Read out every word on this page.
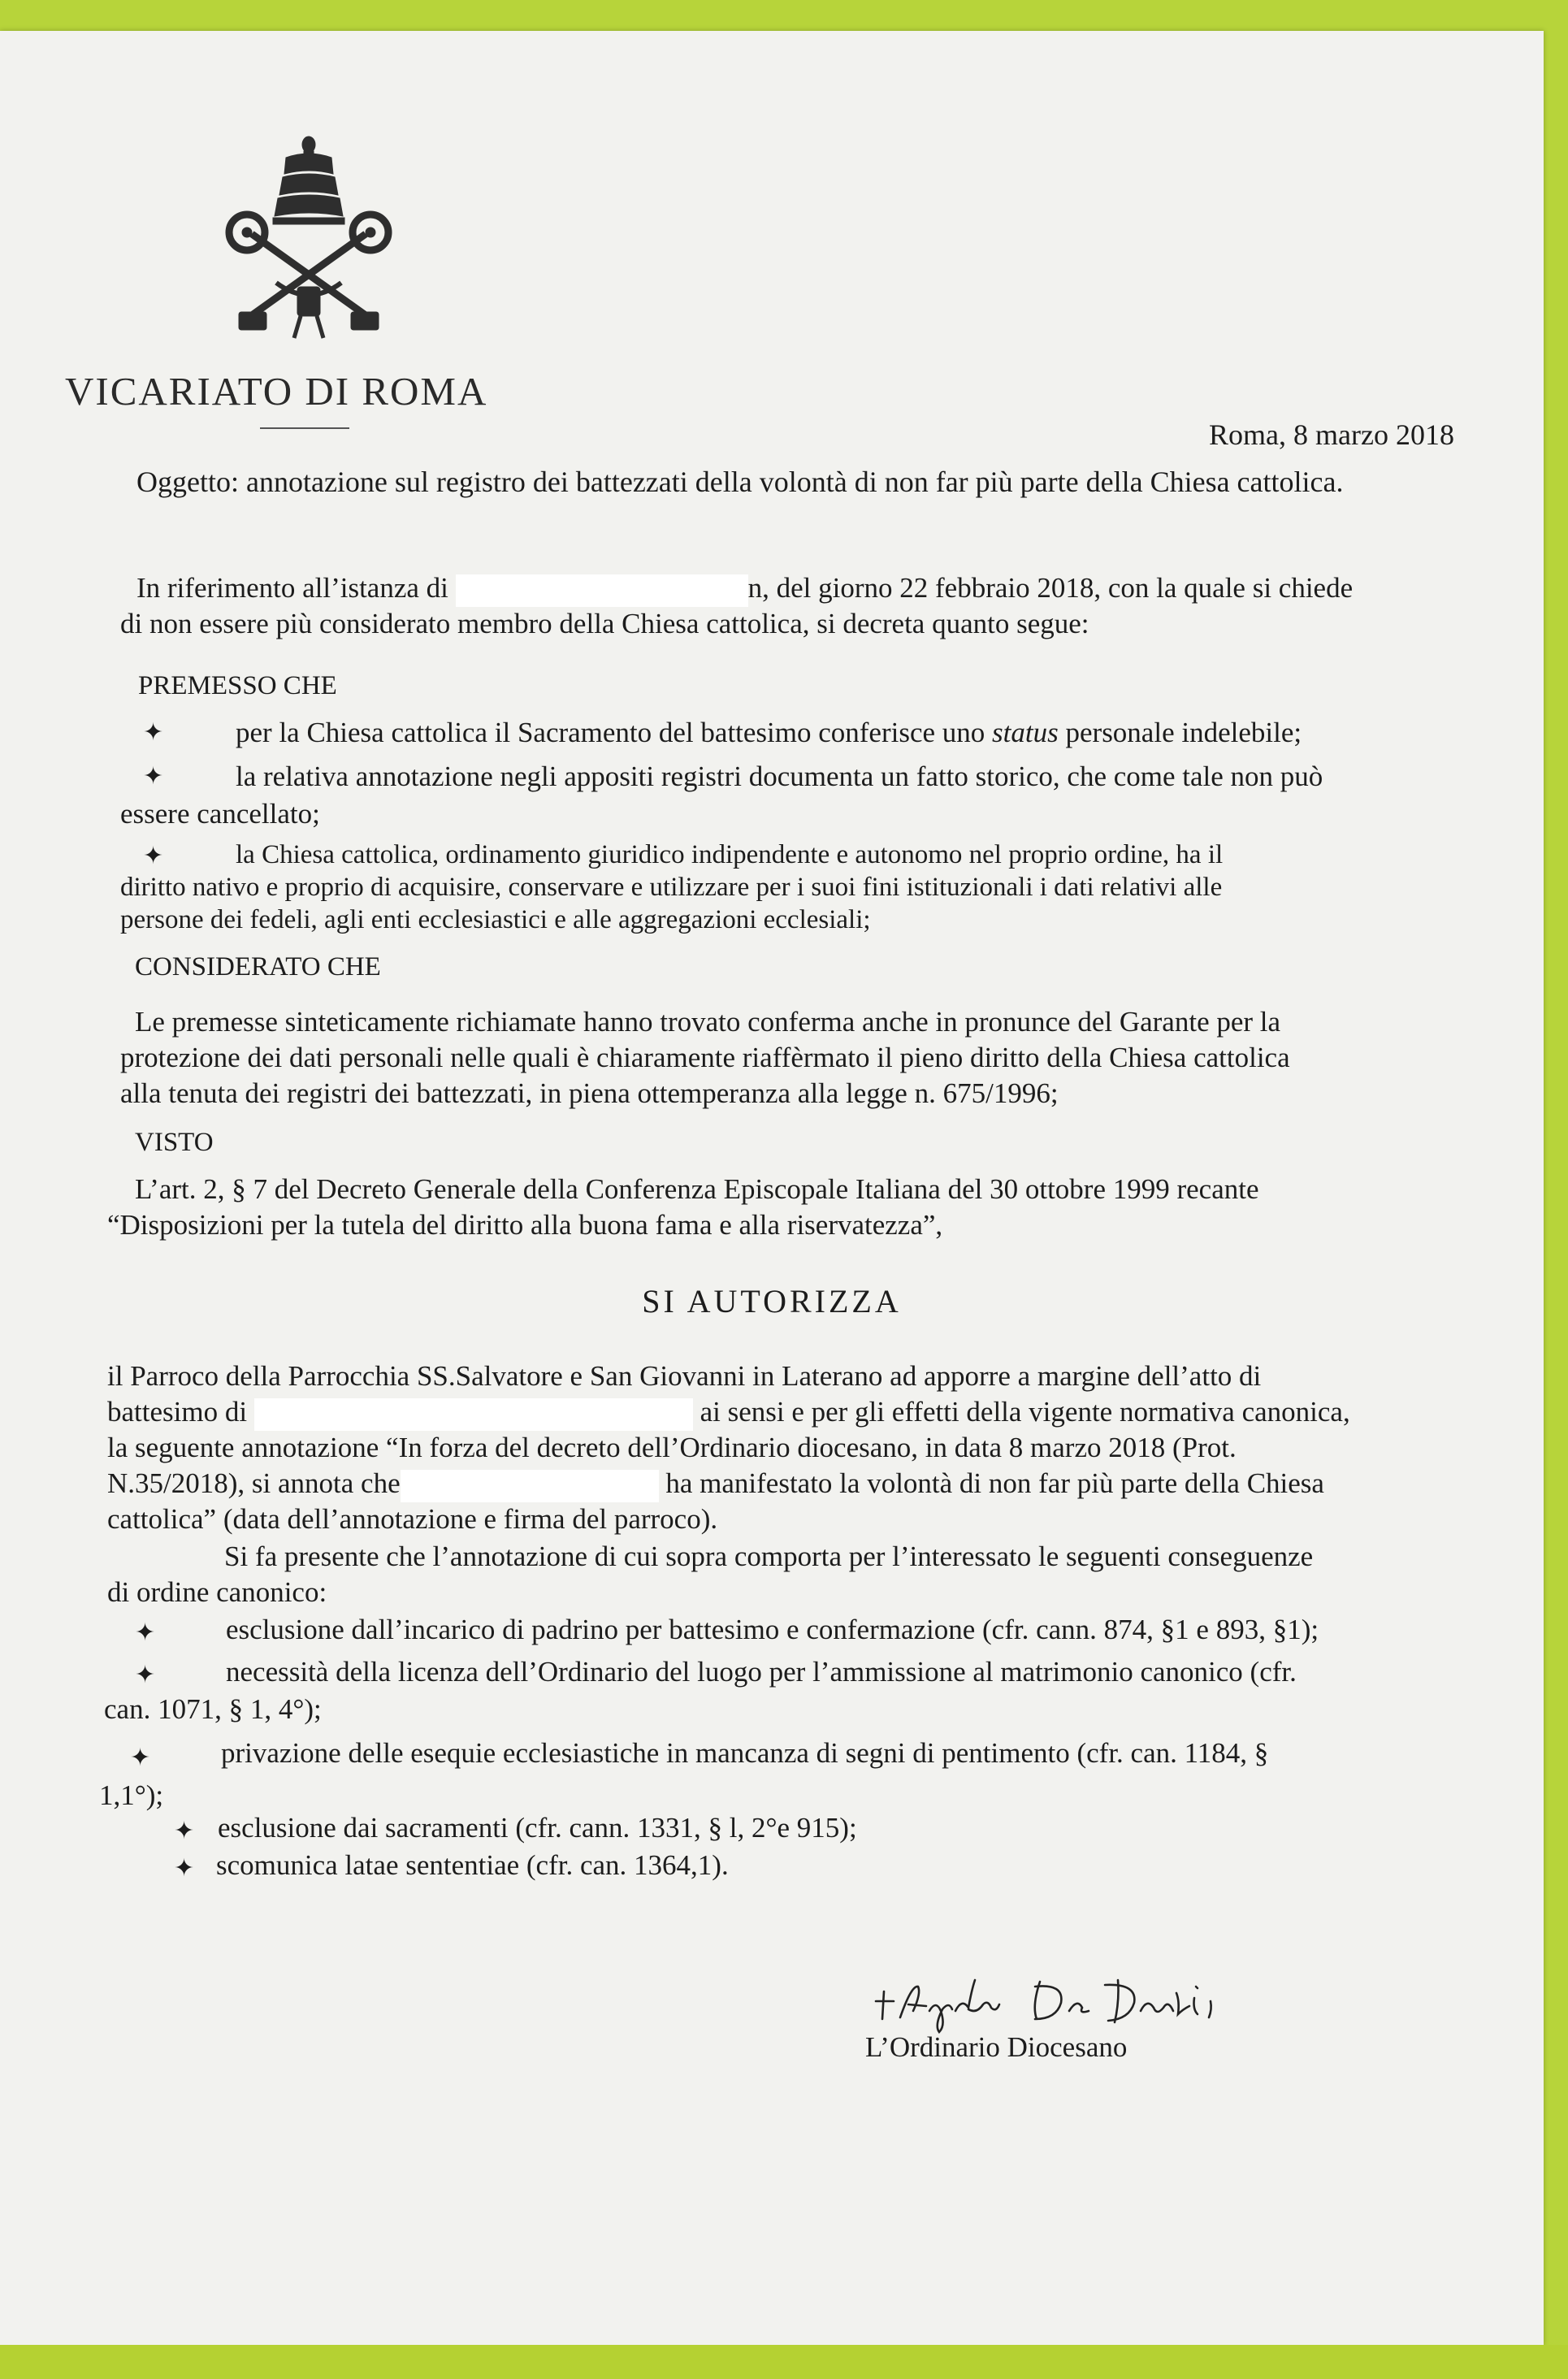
VICARIATO DI ROMA
Roma, 8 marzo 2018
Oggetto: annotazione sul registro dei battezzati della volontà di non far più parte della Chiesa cattolica.
In riferimento all’istanza di	n, del giorno 22 febbraio 2018, con la quale si chiede
di non essere più considerato membro della Chiesa cattolica, si decreta quanto segue:
PREMESSO CHE
✦	per la Chiesa cattolica il Sacramento del battesimo conferisce uno status personale indelebile;
✦	la relativa annotazione negli appositi registri documenta un fatto storico, che come tale non può
essere cancellato;
✦	la Chiesa cattolica, ordinamento giuridico indipendente e autonomo nel proprio ordine, ha il
diritto nativo e proprio di acquisire, conservare e utilizzare per i suoi fini istituzionali i dati relativi alle
persone dei fedeli, agli enti ecclesiastici e alle aggregazioni ecclesiali;
CONSIDERATO CHE
Le premesse sinteticamente richiamate hanno trovato conferma anche in pronunce del Garante per la
protezione dei dati personali nelle quali è chiaramente riaffèrmato il pieno diritto della Chiesa cattolica
alla tenuta dei registri dei battezzati, in piena ottemperanza alla legge n. 675/1996;
VISTO
L’art. 2, § 7 del Decreto Generale della Conferenza Episcopale Italiana del 30 ottobre 1999 recante
“Disposizioni per la tutela del diritto alla buona fama e alla riservatezza”,
SI AUTORIZZA
il Parroco della Parrocchia SS.Salvatore e San Giovanni in Laterano ad apporre a margine dell’atto di
battesimo di	ai sensi e per gli effetti della vigente normativa canonica,
la seguente annotazione “In forza del decreto dell’Ordinario diocesano, in data 8 marzo 2018 (Prot.
N.35/2018), si annota che	ha manifestato la volontà di non far più parte della Chiesa
cattolica” (data dell’annotazione e firma del parroco).
Si fa presente che l’annotazione di cui sopra comporta per l’interessato le seguenti conseguenze
di ordine canonico:
✦ esclusione dall’incarico di padrino per battesimo e confermazione (cfr. cann. 874, §1 e 893, §1);
✦ necessità della licenza dell’Ordinario del luogo per l’ammissione al matrimonio canonico (cfr.
can. 1071, § 1, 4°);
✦ privazione delle esequie ecclesiastiche in mancanza di segni di pentimento (cfr. can. 1184, §
1,1°);
✦ esclusione dai sacramenti (cfr. cann. 1331, § l, 2°e 915);
✦ scomunica latae sententiae (cfr. can. 1364,1).
L’Ordinario Diocesano
